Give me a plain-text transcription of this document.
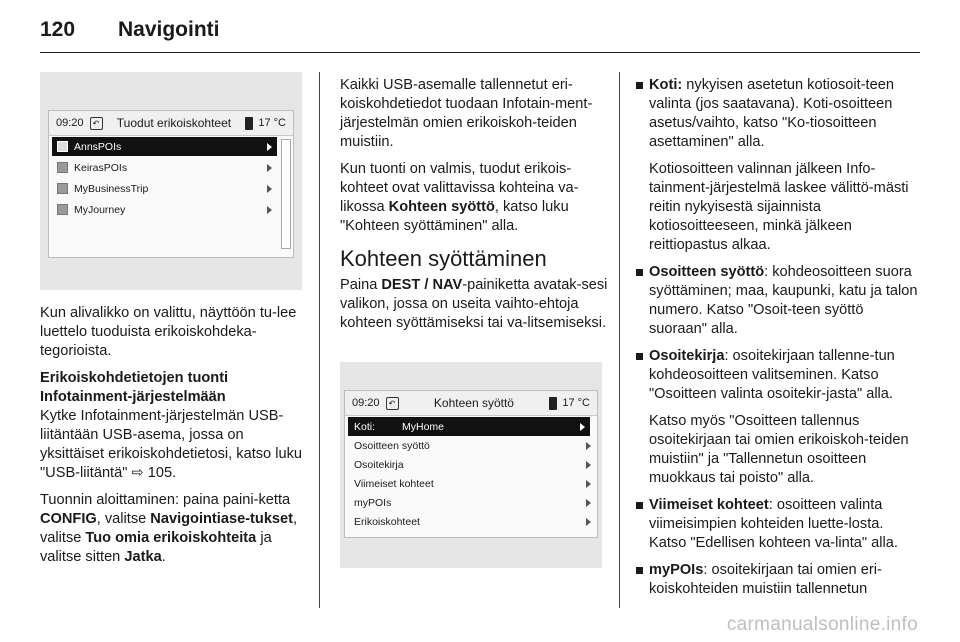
120 Navigointi
09:20	↶	Tuodut erikoiskohteet	17 °C
AnnsPOIs
KeirasPOIs
MyBusinessTrip
MyJourney

Kun alivalikko on valittu, näyttöön tu-lee luettelo tuoduista erikoiskohdeka-tegorioista.

Erikoiskohdetietojen tuonti
Infotainment-järjestelmään

Kytke Infotainment-järjestelmän USB-liitäntään USB-asema, jossa on yksittäiset erikoiskohdetietosi, katso luku "USB-liitäntä" ⇨ 105.

Tuonnin aloittaminen: paina paini-ketta CONFIG, valitse Navigointiase-tukset, valitse Tuo omia erikoiskohteita ja valitse sitten Jatka.

Kaikki USB-asemalle tallennetut eri-koiskohdetiedot tuodaan Infotain-ment-järjestelmän omien erikoiskoh-teiden muistiin.

Kun tuonti on valmis, tuodut erikois-kohteet ovat valittavissa kohteina va-likossa Kohteen syöttö, katso luku "Kohteen syöttäminen" alla.

Kohteen syöttäminen

Paina DEST / NAV-painiketta avatak-sesi valikon, jossa on useita vaihto-ehtoja kohteen syöttämiseksi tai va-litsemiseksi.

09:20	↶	Kohteen syöttö	17 °C
Koti:	MyHome
Osoitteen syöttö
Osoitekirja
Viimeiset kohteet
myPOIs
Erikoiskohteet
Koti: nykyisen asetetun kotiosoit-teen valinta (jos saatavana). Koti-osoitteen asetus/vaihto, katso "Ko-tiosoitteen asettaminen" alla.

Kotiosoitteen valinnan jälkeen Info-tainment-järjestelmä laskee välittö-mästi reitin nykyisestä sijainnista kotiosoitteeseen, minkä jälkeen reittiopastus alkaa.

Osoitteen syöttö: kohdeosoitteen suora syöttäminen; maa, kaupunki, katu ja talon numero. Katso "Osoit-teen syöttö suoraan" alla.
Osoitekirja: osoitekirjaan tallenne-tun kohdeosoitteen valitseminen. Katso "Osoitteen valinta osoitekir-jasta" alla.

Katso myös "Osoitteen tallennus osoitekirjaan tai omien erikoiskoh-teiden muistiin" ja "Tallennetun osoitteen muokkaus tai poisto" alla.

Viimeiset kohteet: osoitteen valinta viimeisimpien kohteiden luette-losta. Katso "Edellisen kohteen va-linta" alla.
myPOIs: osoitekirjaan tai omien eri-koiskohteiden muistiin tallennetun
carmanualsonline.info
